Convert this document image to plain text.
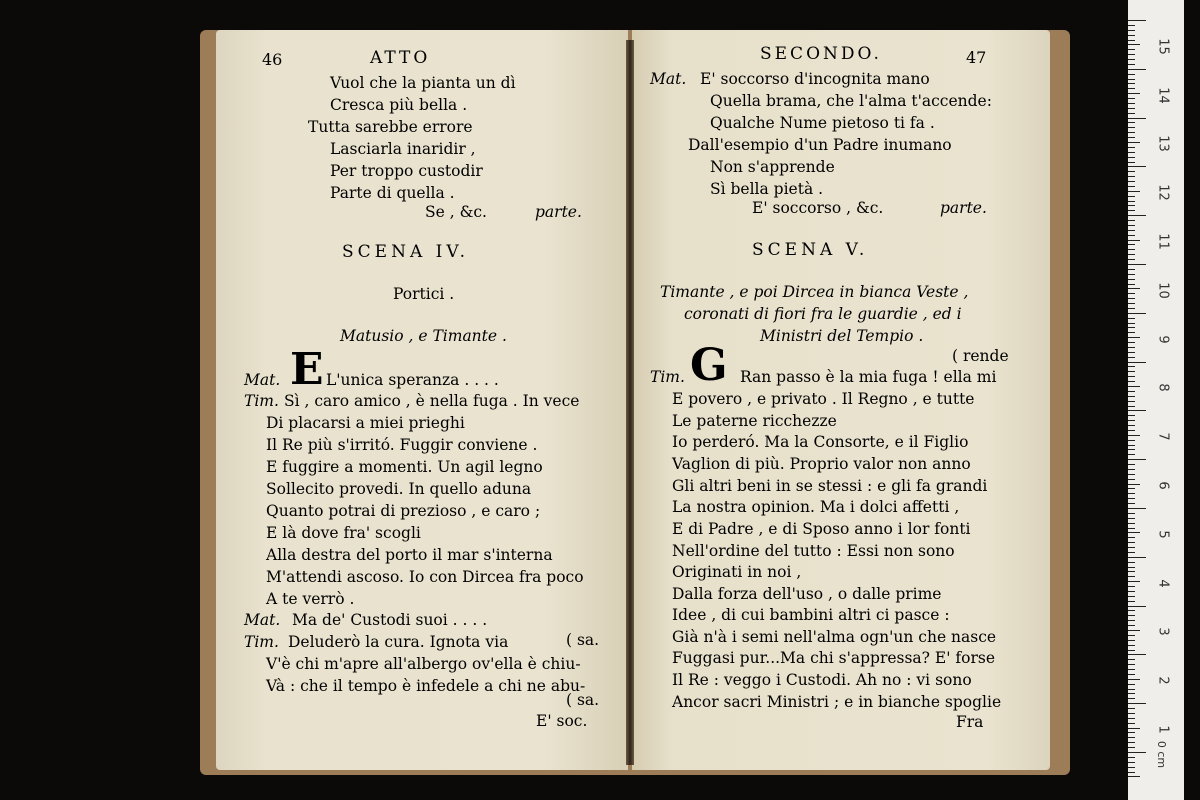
46	ATTO
Vuol che la pianta un dì
Cresca più bella .
Tutta sarebbe errore
Lasciarla inaridir ,
Per troppo custodir
Parte di quella .
Se , &c.	parte.
SCENA IV.
Portici .
Matusio , e Timante .
E
Mat.	L'unica speranza . . . .
Tim. Sì , caro amico , è nella fuga . In vece
Di placarsi a miei prieghi
Il Re più s'irritó. Fuggir conviene .
E fuggire a momenti. Un agil legno
Sollecito provedi. In quello aduna
Quanto potrai di prezioso , e caro ;
E là dove fra' scogli
Alla destra del porto il mar s'interna
M'attendi ascoso. Io con Dircea fra poco
A te verrò .
Mat. Ma de' Custodi suoi . . . .
Tim. Deluderò la cura. Ignota via	( sa.
V'è chi m'apre all'albergo ov'ella è chiu-
Và : che il tempo è infedele a chi ne abu-
( sa.
E' soc.
SECONDO.	47
Mat. E' soccorso d'incognita mano
Quella brama, che l'alma t'accende:
Qualche Nume pietoso ti fa .
Dall'esempio d'un Padre inumano
Non s'apprende
Sì bella pietà .
E' soccorso , &c.	parte.
SCENA V.
Timante , e poi Dircea in bianca Veste ,
coronati di fiori fra le guardie , ed i
Ministri del Tempio .
( rende
G
Tim.	Ran passo è la mia fuga ! ella mi
E povero , e privato . Il Regno , e tutte
Le paterne ricchezze
Io perderó. Ma la Consorte, e il Figlio
Vaglion di più. Proprio valor non anno
Gli altri beni in se stessi : e gli fa grandi
La nostra opinion. Ma i dolci affetti ,
E di Padre , e di Sposo anno i lor fonti
Nell'ordine del tutto : Essi non sono
Originati in noi ,
Dalla forza dell'uso , o dalle prime
Idee , di cui bambini altri ci pasce :
Già n'à i semi nell'alma ogn'un che nasce
Fuggasi pur...Ma chi s'appressa? E' forse
Il Re : veggo i Custodi. Ah no : vi sono
Ancor sacri Ministri ; e in bianche spoglie
Fra
15
14
13
12
11
10
9
8
7
6
5
4
3
2
1
0 cm
